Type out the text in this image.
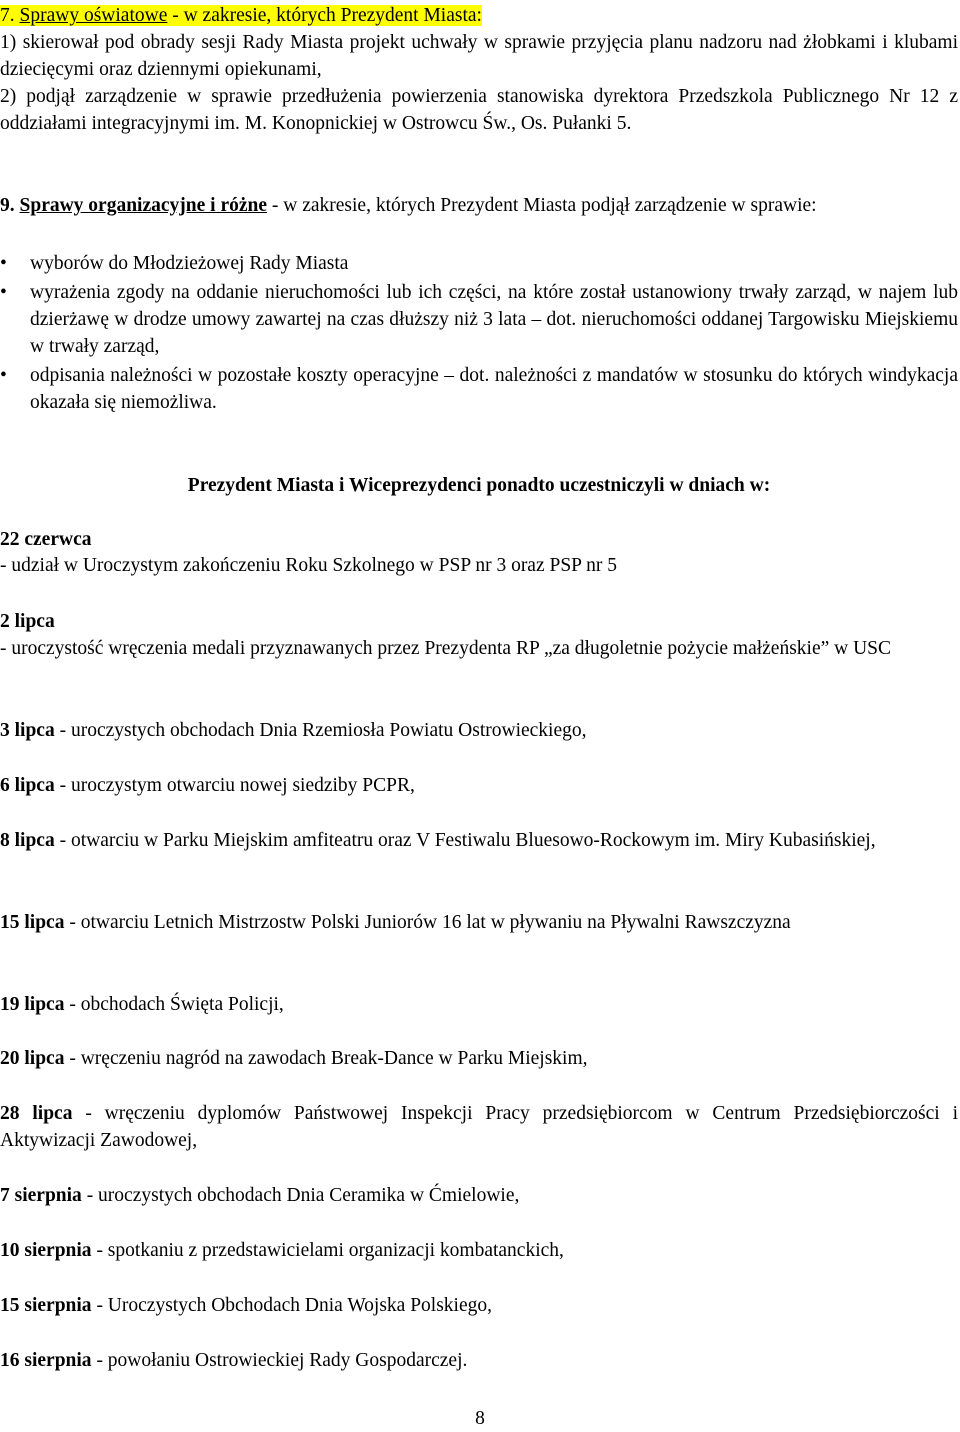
7. Sprawy oświatowe - w zakresie, których Prezydent Miasta:

1) skierował pod obrady sesji Rady Miasta projekt uchwały w sprawie przyjęcia planu nadzoru nad żłobkami i klubami dziecięcymi oraz dziennymi opiekunami,

2) podjął zarządzenie w sprawie przedłużenia powierzenia stanowiska dyrektora Przedszkola Publicznego Nr 12 z oddziałami integracyjnymi im. M. Konopnickiej w Ostrowcu Św., Os. Pułanki 5.

9. Sprawy organizacyjne i różne - w zakresie, których Prezydent Miasta podjął zarządzenie w sprawie:

• wyborów do Młodzieżowej Rady Miasta
• wyrażenia zgody na oddanie nieruchomości lub ich części, na które został ustanowiony trwały zarząd, w najem lub dzierżawę w drodze umowy zawartej na czas dłuższy niż 3 lata – dot. nieruchomości oddanej Targowisku Miejskiemu w trwały zarząd,
• odpisania należności w pozostałe koszty operacyjne – dot. należności z mandatów w stosunku do których windykacja okazała się niemożliwa.

Prezydent Miasta i Wiceprezydenci ponadto uczestniczyli w dniach w:

22 czerwca

- udział w Uroczystym zakończeniu Roku Szkolnego w PSP nr 3 oraz PSP nr 5

2 lipca

- uroczystość wręczenia medali przyznawanych przez Prezydenta RP „za długoletnie pożycie małżeńskie” w USC

3 lipca - uroczystych obchodach Dnia Rzemiosła Powiatu Ostrowieckiego,

6 lipca - uroczystym otwarciu nowej siedziby PCPR,

8 lipca - otwarciu w Parku Miejskim amfiteatru oraz V Festiwalu Bluesowo-Rockowym im. Miry Kubasińskiej,

15 lipca - otwarciu Letnich Mistrzostw Polski Juniorów 16 lat w pływaniu na Pływalni Rawszczyzna

19 lipca - obchodach Święta Policji,

20 lipca - wręczeniu nagród na zawodach Break-Dance w Parku Miejskim,

28 lipca - wręczeniu dyplomów Państwowej Inspekcji Pracy przedsiębiorcom w Centrum Przedsiębiorczości i Aktywizacji Zawodowej,

7 sierpnia - uroczystych obchodach Dnia Ceramika w Ćmielowie,

10 sierpnia - spotkaniu z przedstawicielami organizacji kombatanckich,

15 sierpnia - Uroczystych Obchodach Dnia Wojska Polskiego,

16 sierpnia - powołaniu Ostrowieckiej Rady Gospodarczej.

8
